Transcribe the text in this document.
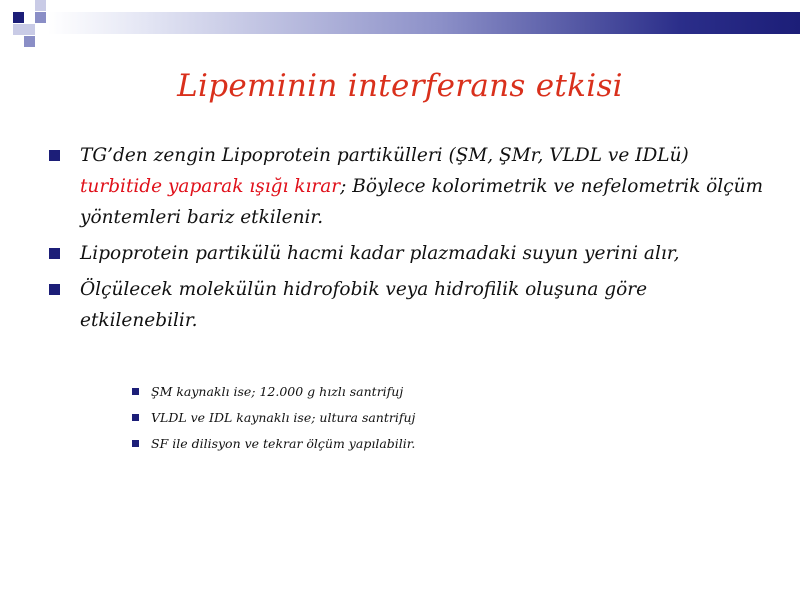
Lipeminin interferans etkisi
TG’den zengin Lipoprotein partikülleri (ŞM, ŞMr, VLDL ve IDLü) turbitide yaparak ışığı kırar; Böylece kolorimetrik ve nefelometrik ölçüm yöntemleri bariz etkilenir.
Lipoprotein partikülü hacmi kadar plazmadaki suyun yerini alır,
Ölçülecek molekülün hidrofobik veya hidrofilik oluşuna göre etkilenebilir.
ŞM kaynaklı ise; 12.000 g hızlı santrifuj
VLDL ve IDL kaynaklı ise; ultura santrifuj
SF ile dilisyon ve tekrar ölçüm yapılabilir.
